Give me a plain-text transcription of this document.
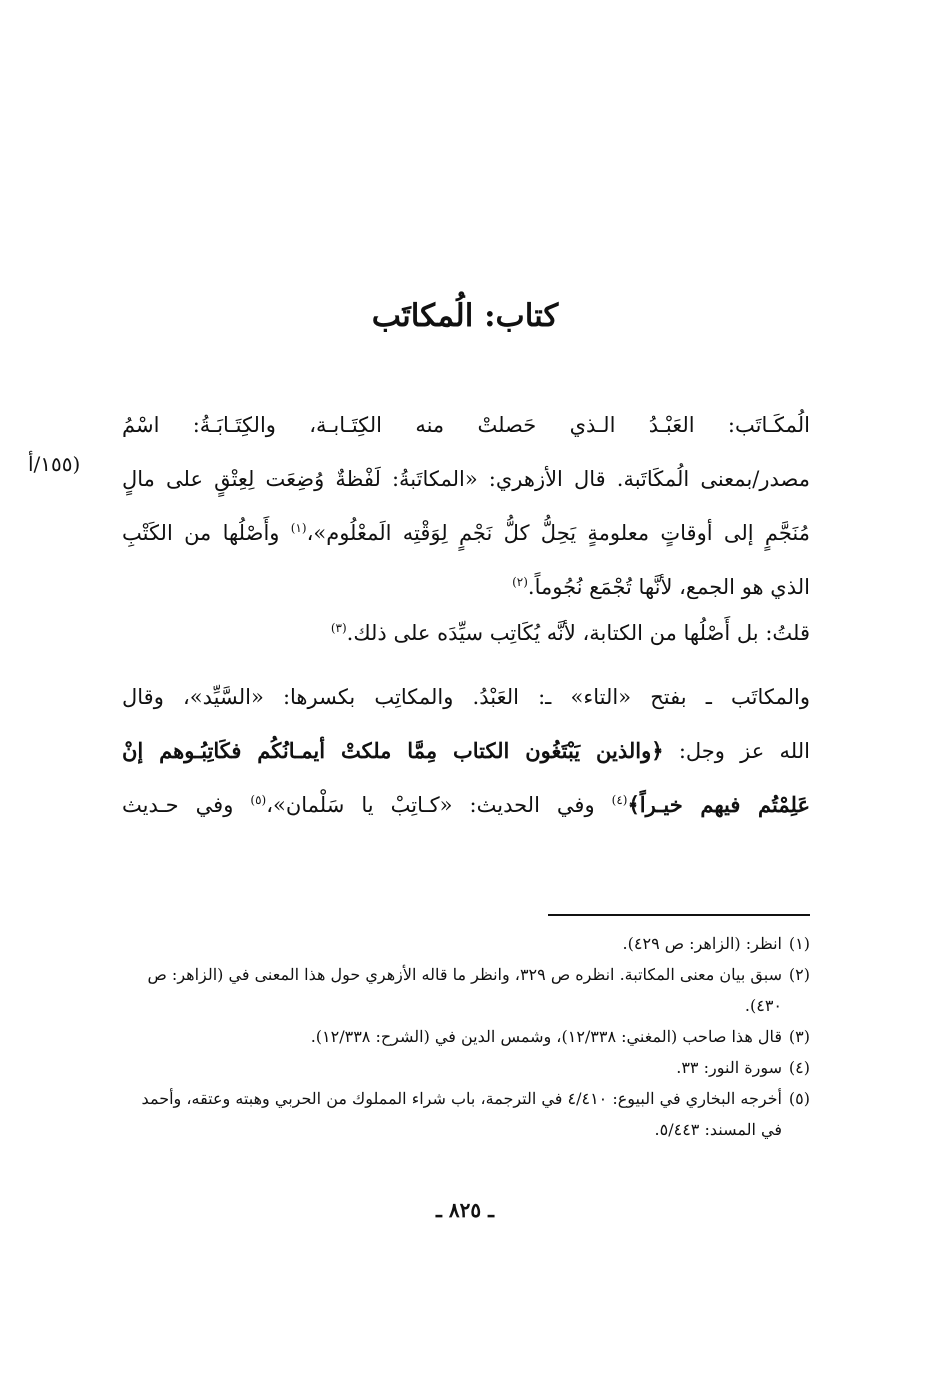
كتاب: الُمكاتَب
(١٥٥/أ

الُمكَـاتَب: العَبْـدُ الـذي حَصلتْ منه الكِتَـابـة، والكِتَـابَـةُ: اسْمُ
مصدر/بمعنى الُمكَاتَبة. قال الأزهري: «المكاتَبةُ: لَفْظةٌ وُضِعَت لِعِتْقٍ على مالٍ
مُنَجَّمٍ إلى أوقاتٍ معلومةٍ يَحِلُّ كلُّ نَجْمٍ لِوَقْتِه الَمعْلُوم»،$^{(١)}$ وأَصْلُها من الكَتْبِ
الذي هو الجمع، لأنَّها تُجْمَع نُجُوماً.$^{(٢)}$

قلتُ: بل أَصْلُها من الكتابة، لأنَّه يُكَاتِب سيِّدَه على ذلك.$^{(٣)}$

والمكاتَب ـ بفتح «التاء» ـ: العَبْدُ. والمكاتِب بكسرها: «السَّيِّد»، وقال
الله عز وجل: ﴿والذين يَبْتَغُون الكتاب مِمَّا ملكتْ أيمـانُكُم فكَاتِبُـوهم إنْ
عَلِمْتُم فيهم خيـراً﴾$^{(٤)}$ وفي الحديث: «كـاتِبْ يا سَلْمان»،$^{(٥)}$ وفي حـديث

(١)
انظر: (الزاهر: ص ٤٢٩).
(٢)
سبق بيان معنى المكاتبة. انظره ص ٣٢٩، وانظر ما قاله الأزهري حول هذا المعنى في (الزاهر: ص ٤٣٠).
(٣)
قال هذا صاحب (المغني: ١٢/٣٣٨)، وشمس الدين في (الشرح: ١٢/٣٣٨).
(٤)
سورة النور: ٣٣.
(٥)
أخرجه البخاري في البيوع: ٤/٤١٠ في الترجمة، باب شراء المملوك من الحربي وهبته وعتقه، وأحمد في المسند: ٥/٤٤٣.
ـ ٨٢٥ ـ
